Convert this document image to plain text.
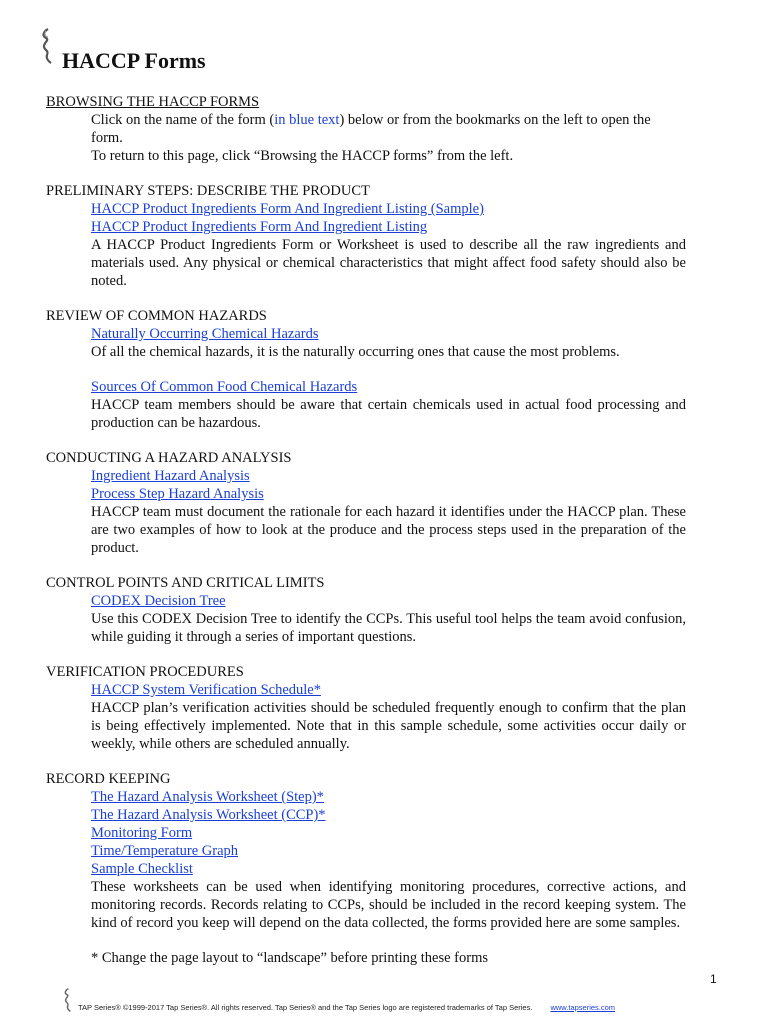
HACCP Forms
BROWSING THE HACCP FORMS
Click on the name of the form (in blue text) below or from the bookmarks on the left to open the form.
To return to this page, click “Browsing the HACCP forms” from the left.
PRELIMINARY STEPS: DESCRIBE THE PRODUCT
HACCP Product Ingredients Form And Ingredient Listing (Sample)
HACCP Product Ingredients Form And Ingredient Listing

A HACCP Product Ingredients Form or Worksheet is used to describe all the raw ingredients and materials used. Any physical or chemical characteristics that might affect food safety should also be noted.

REVIEW OF COMMON HAZARDS
Naturally Occurring Chemical Hazards

Of all the chemical hazards, it is the naturally occurring ones that cause the most problems.

Sources Of Common Food Chemical Hazards

HACCP team members should be aware that certain chemicals used in actual food processing and production can be hazardous.

CONDUCTING A HAZARD ANALYSIS
Ingredient Hazard Analysis
Process Step Hazard Analysis

HACCP team must document the rationale for each hazard it identifies under the HACCP plan. These are two examples of how to look at the produce and the process steps used in the preparation of the product.

CONTROL POINTS AND CRITICAL LIMITS
CODEX Decision Tree

Use this CODEX Decision Tree to identify the CCPs. This useful tool helps the team avoid confusion, while guiding it through a series of important questions.

VERIFICATION PROCEDURES
HACCP System Verification Schedule*

HACCP plan’s verification activities should be scheduled frequently enough to confirm that the plan is being effectively implemented. Note that in this sample schedule, some activities occur daily or weekly, while others are scheduled annually.

RECORD KEEPING
The Hazard Analysis Worksheet (Step)*
The Hazard Analysis Worksheet (CCP)*
Monitoring Form
Time/Temperature Graph
Sample Checklist

These worksheets can be used when identifying monitoring procedures, corrective actions, and monitoring records. Records relating to CCPs, should be included in the record keeping system. The kind of record you keep will depend on the data collected, the forms provided here are some samples.

* Change the page layout to “landscape” before printing these forms
1
TAP Series® ©1999-2017 Tap Series®. All rights reserved. Tap Series® and the Tap Series logo are registered trademarks of Tap Series. www.tapseries.com
